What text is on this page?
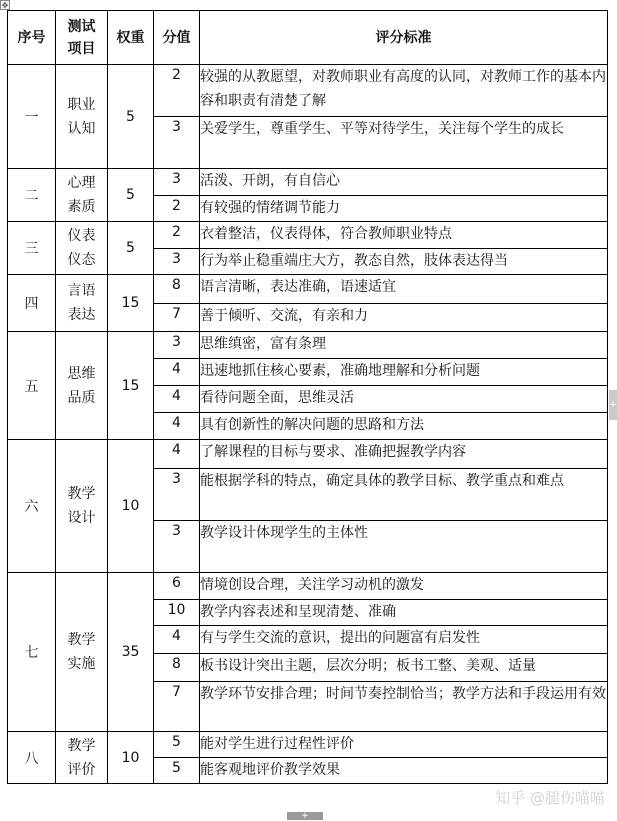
✥
序号	测试项目	权重	分值	评分标准
一	职业认知	5	2	较强的从教愿望，对教师职业有高度的认同，对教师工作的基本内容和职责有清楚了解
			3	关爱学生，尊重学生、平等对待学生，关注每个学生的成长
二	心理素质	5	3	活泼、开朗，有自信心
			2	有较强的情绪调节能力
三	仪表仪态	5	2	衣着整洁，仪表得体，符合教师职业特点
			3	行为举止稳重端庄大方，教态自然，肢体表达得当
四	言语表达	15	8	语言清晰，表达准确，语速适宜
			7	善于倾听、交流，有亲和力
五	思维品质	15	3	思维缜密，富有条理
			4	迅速地抓住核心要素，准确地理解和分析问题
			4	看待问题全面，思维灵活
			4	具有创新性的解决问题的思路和方法
六	教学设计	10	4	了解课程的目标与要求、准确把握教学内容
			3	能根据学科的特点，确定具体的教学目标、教学重点和难点
			3	教学设计体现学生的主体性
七	教学实施	35	6	情境创设合理，关注学习动机的激发
			10	教学内容表述和呈现清楚、准确
			4	有与学生交流的意识，提出的问题富有启发性
			8	板书设计突出主题，层次分明；板书工整、美观、适量
			7	教学环节安排合理；时间节奏控制恰当；教学方法和手段运用有效
八	教学评价	10	5	能对学生进行过程性评价
			5	能客观地评价教学效果
+
+
知乎 @腿伤喵喵
